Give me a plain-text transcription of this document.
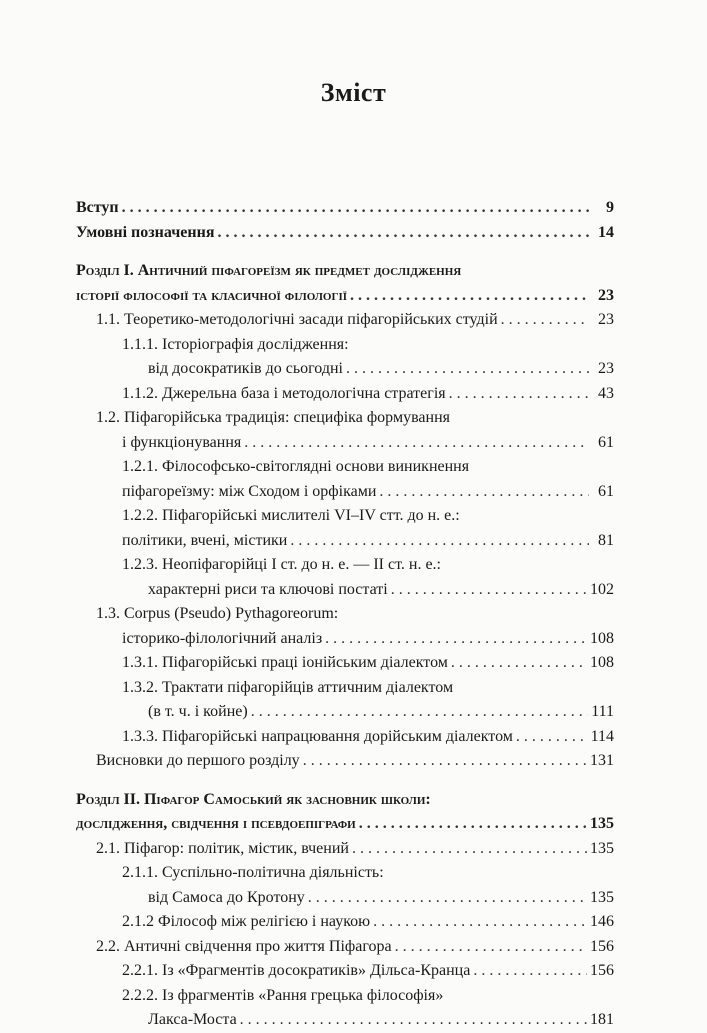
Зміст
Вступ . . .	9
Умовні позначення . . .	14
Розділ I. Античний піфагореїзм як предмет дослідження
історії філософії та класичної філології . . .	23
1.1. Теоретико-методологічні засади піфагорійських студій . . .	23
1.1.1. Історіографія дослідження:
від досократиків до сьогодні . . .	23
1.1.2. Джерельна база і методологічна стратегія . . .	43
1.2. Піфагорійська традиція: специфіка формування
і функціонування . . .	61
1.2.1. Філософсько-світоглядні основи виникнення
піфагореїзму: між Сходом і орфіками . . .	61
1.2.2. Піфагорійські мислителі VI–IV стт. до н. е.:
політики, вчені, містики . . .	81
1.2.3. Неопіфагорійці I ст. до н. е. — II ст. н. е.:
характерні риси та ключові постаті . . .	102
1.3. Corpus (Pseudo) Pythagoreorum:
історико-філологічний аналіз . . .	108
1.3.1. Піфагорійські праці іонійським діалектом . . .	108
1.3.2. Трактати піфагорійців аттичним діалектом
(в т. ч. і койне) . . .	111
1.3.3. Піфагорійські напрацювання дорійським діалектом . . .	114
Висновки до першого розділу . . .	131
Розділ II. Піфагор Самоський як засновник школи:
дослідження, свідчення і псевдоепіграфи . . .	135
2.1. Піфагор: політик, містик, вчений . . .	135
2.1.1. Суспільно-політична діяльність:
від Самоса до Кротону . . .	135
2.1.2 Філософ між релігією і наукою . . .	146
2.2. Античні свідчення про життя Піфагора . . .	156
2.2.1. Із «Фрагментів досократиків» Дільса-Кранца . . .	156
2.2.2. Із фрагментів «Рання грецька філософія»
Лакса-Моста . . .	181
